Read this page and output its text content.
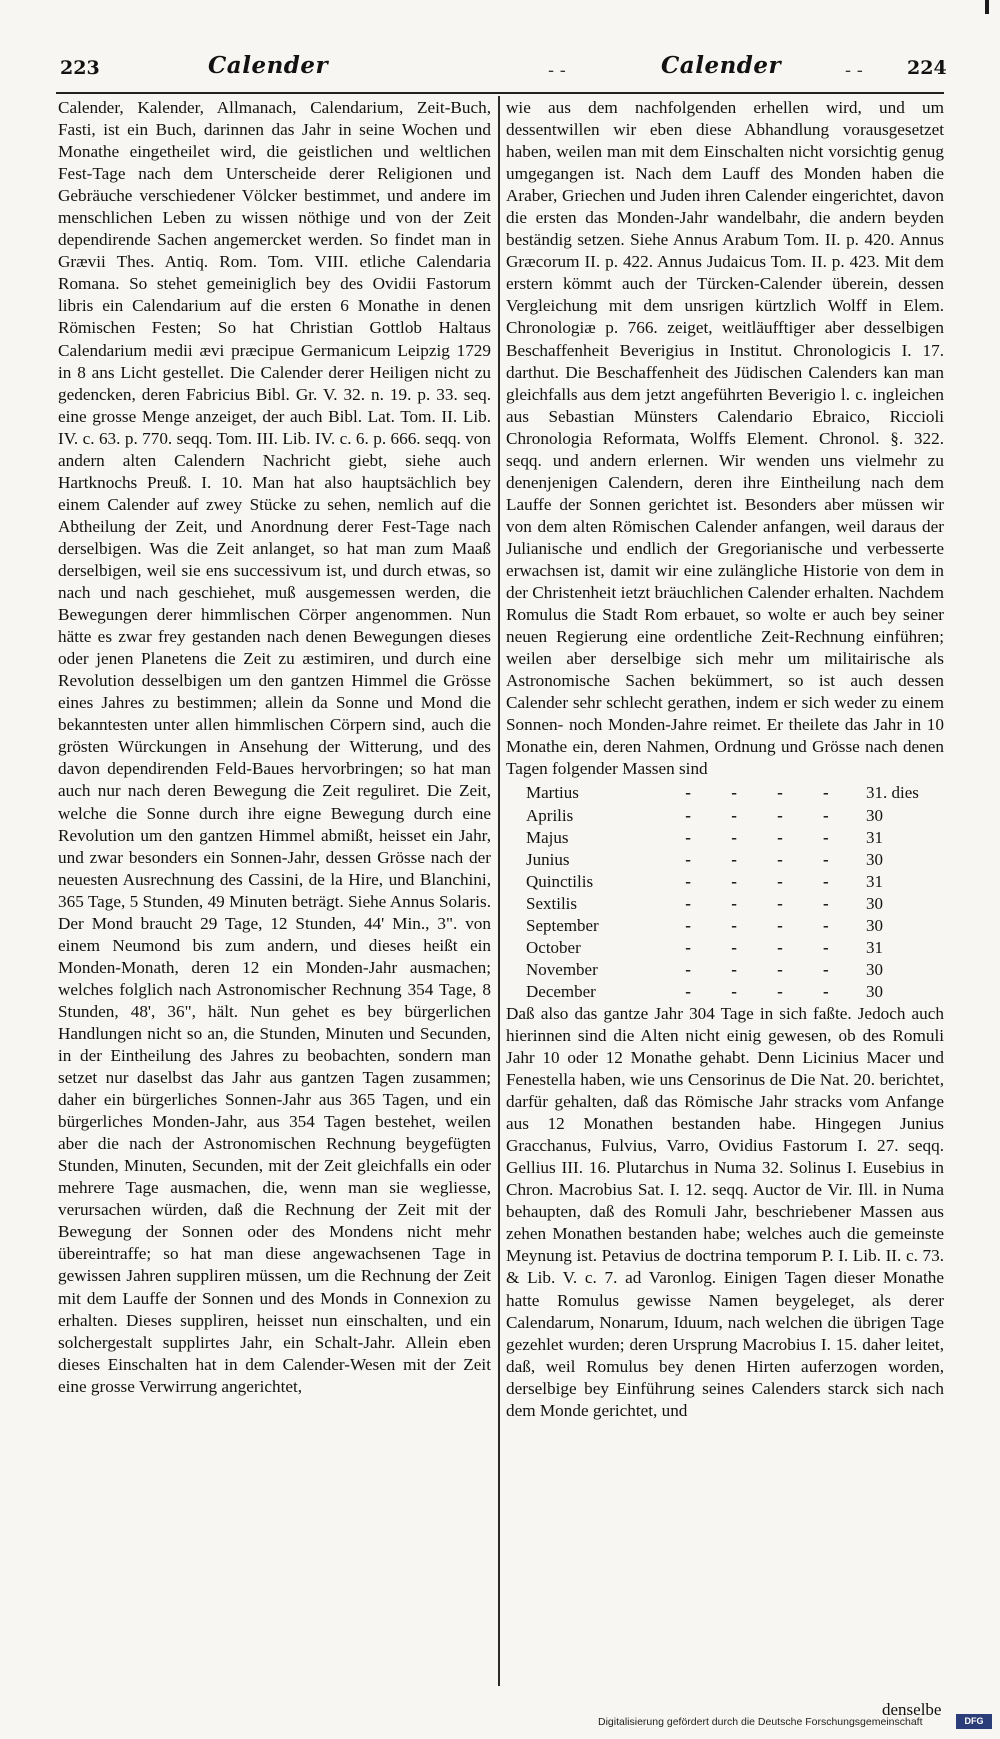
223	Calender	Calender	224
- -	- -

Calender, Kalender, Allmanach, Calendarium, Zeit-Buch, Fasti, ist ein Buch, darinnen das Jahr in seine Wochen und Monathe eingetheilet wird, die geistlichen und weltlichen Fest-Tage nach dem Unterscheide derer Religionen und Gebräuche verschiedener Völcker bestimmet, und andere im menschlichen Leben zu wissen nöthige und von der Zeit dependirende Sachen angemercket werden. So findet man in Grævii Thes. Antiq. Rom. Tom. VIII. etliche Calendaria Romana. So stehet gemeiniglich bey des Ovidii Fastorum libris ein Calendarium auf die ersten 6 Monathe in denen Römischen Festen; So hat Christian Gottlob Haltaus Calendarium medii ævi præcipue Germanicum Leipzig 1729 in 8 ans Licht gestellet. Die Calender derer Heiligen nicht zu gedencken, deren Fabricius Bibl. Gr. V. 32. n. 19. p. 33. seq. eine grosse Menge anzeiget, der auch Bibl. Lat. Tom. II. Lib. IV. c. 63. p. 770. seqq. Tom. III. Lib. IV. c. 6. p. 666. seqq. von andern alten Calendern Nachricht giebt, siehe auch Hartknochs Preuß. I. 10. Man hat also hauptsächlich bey einem Calender auf zwey Stücke zu sehen, nemlich auf die Abtheilung der Zeit, und Anordnung derer Fest-Tage nach derselbigen. Was die Zeit anlanget, so hat man zum Maaß derselbigen, weil sie ens successivum ist, und durch etwas, so nach und nach geschiehet, muß ausgemessen werden, die Bewegungen derer himmlischen Cörper angenommen. Nun hätte es zwar frey gestanden nach denen Bewegungen dieses oder jenen Planetens die Zeit zu æstimiren, und durch eine Revolution desselbigen um den gantzen Himmel die Grösse eines Jahres zu bestimmen; allein da Sonne und Mond die bekanntesten unter allen himmlischen Cörpern sind, auch die grösten Würckungen in Ansehung der Witterung, und des davon dependirenden Feld-Baues hervorbringen; so hat man auch nur nach deren Bewegung die Zeit reguliret. Die Zeit, welche die Sonne durch ihre eigne Bewegung durch eine Revolution um den gantzen Himmel abmißt, heisset ein Jahr, und zwar besonders ein Sonnen-Jahr, dessen Grösse nach der neuesten Ausrechnung des Cassini, de la Hire, und Blanchini, 365 Tage, 5 Stunden, 49 Minuten beträgt. Siehe Annus Solaris. Der Mond braucht 29 Tage, 12 Stunden, 44' Min., 3". von einem Neumond bis zum andern, und dieses heißt ein Monden-Monath, deren 12 ein Monden-Jahr ausmachen; welches folglich nach Astronomischer Rechnung 354 Tage, 8 Stunden, 48', 36", hält. Nun gehet es bey bürgerlichen Handlungen nicht so an, die Stunden, Minuten und Secunden, in der Eintheilung des Jahres zu beobachten, sondern man setzet nur daselbst das Jahr aus gantzen Tagen zusammen; daher ein bürgerliches Sonnen-Jahr aus 365 Tagen, und ein bürgerliches Monden-Jahr, aus 354 Tagen bestehet, weilen aber die nach der Astronomischen Rechnung beygefügten Stunden, Minuten, Secunden, mit der Zeit gleichfalls ein oder mehrere Tage ausmachen, die, wenn man sie wegliesse, verursachen würden, daß die Rechnung der Zeit mit der Bewegung der Sonnen oder des Mondens nicht mehr übereintraffe; so hat man diese angewachsenen Tage in gewissen Jahren suppliren müssen, um die Rechnung der Zeit mit dem Lauffe der Sonnen und des Monds in Connexion zu erhalten. Dieses suppliren, heisset nun einschalten, und ein solchergestalt supplirtes Jahr, ein Schalt-Jahr. Allein eben dieses Einschalten hat in dem Calender-Wesen mit der Zeit eine grosse Verwirrung angerichtet,

wie aus dem nachfolgenden erhellen wird, und um dessentwillen wir eben diese Abhandlung vorausgesetzet haben, weilen man mit dem Einschalten nicht vorsichtig genug umgegangen ist. Nach dem Lauff des Monden haben die Araber, Griechen und Juden ihren Calender eingerichtet, davon die ersten das Monden-Jahr wandelbahr, die andern beyden beständig setzen. Siehe Annus Arabum Tom. II. p. 420. Annus Græcorum II. p. 422. Annus Judaicus Tom. II. p. 423. Mit dem erstern kömmt auch der Türcken-Calender überein, dessen Vergleichung mit dem unsrigen kürtzlich Wolff in Elem. Chronologiæ p. 766. zeiget, weitläufftiger aber desselbigen Beschaffenheit Beverigius in Institut. Chronologicis I. 17. darthut. Die Beschaffenheit des Jüdischen Calenders kan man gleichfalls aus dem jetzt angeführten Beverigio l. c. ingleichen aus Sebastian Münsters Calendario Ebraico, Riccioli Chronologia Reformata, Wolffs Element. Chronol. §. 322. seqq. und andern erlernen. Wir wenden uns vielmehr zu denenjenigen Calendern, deren ihre Eintheilung nach dem Lauffe der Sonnen gerichtet ist. Besonders aber müssen wir von dem alten Römischen Calender anfangen, weil daraus der Julianische und endlich der Gregorianische und verbesserte erwachsen ist, damit wir eine zulängliche Historie von dem in der Christenheit ietzt bräuchlichen Calender erhalten. Nachdem Romulus die Stadt Rom erbauet, so wolte er auch bey seiner neuen Regierung eine ordentliche Zeit-Rechnung einführen; weilen aber derselbige sich mehr um militairische als Astronomische Sachen bekümmert, so ist auch dessen Calender sehr schlecht gerathen, indem er sich weder zu einem Sonnen- noch Monden-Jahre reimet. Er theilete das Jahr in 10 Monathe ein, deren Nahmen, Ordnung und Grösse nach denen Tagen folgender Massen sind

Martius	- - - -	31. dies
Aprilis	- - - -	30
Majus	- - - -	31
Junius	- - - -	30
Quinctilis	- - - -	31
Sextilis	- - - -	30
September	- - - -	30
October	- - - -	31
November	- - - -	30
December	- - - -	30

Daß also das gantze Jahr 304 Tage in sich faßte. Jedoch auch hierinnen sind die Alten nicht einig gewesen, ob des Romuli Jahr 10 oder 12 Monathe gehabt. Denn Licinius Macer und Fenestella haben, wie uns Censorinus de Die Nat. 20. berichtet, darfür gehalten, daß das Römische Jahr stracks vom Anfange aus 12 Monathen bestanden habe. Hingegen Junius Gracchanus, Fulvius, Varro, Ovidius Fastorum I. 27. seqq. Gellius III. 16. Plutarchus in Numa 32. Solinus I. Eusebius in Chron. Macrobius Sat. I. 12. seqq. Auctor de Vir. Ill. in Numa behaupten, daß des Romuli Jahr, beschriebener Massen aus zehen Monathen bestanden habe; welches auch die gemeinste Meynung ist. Petavius de doctrina temporum P. I. Lib. II. c. 73. & Lib. V. c. 7. ad Varonlog. Einigen Tagen dieser Monathe hatte Romulus gewisse Namen beygeleget, als derer Calendarum, Nonarum, Iduum, nach welchen die übrigen Tage gezehlet wurden; deren Ursprung Macrobius I. 15. daher leitet, daß, weil Romulus bey denen Hirten auferzogen worden, derselbige bey Einführung seines Calenders starck sich nach dem Monde gerichtet, und

denselbe
Digitalisierung gefördert durch die Deutsche Forschungsgemeinschaft	DFG
